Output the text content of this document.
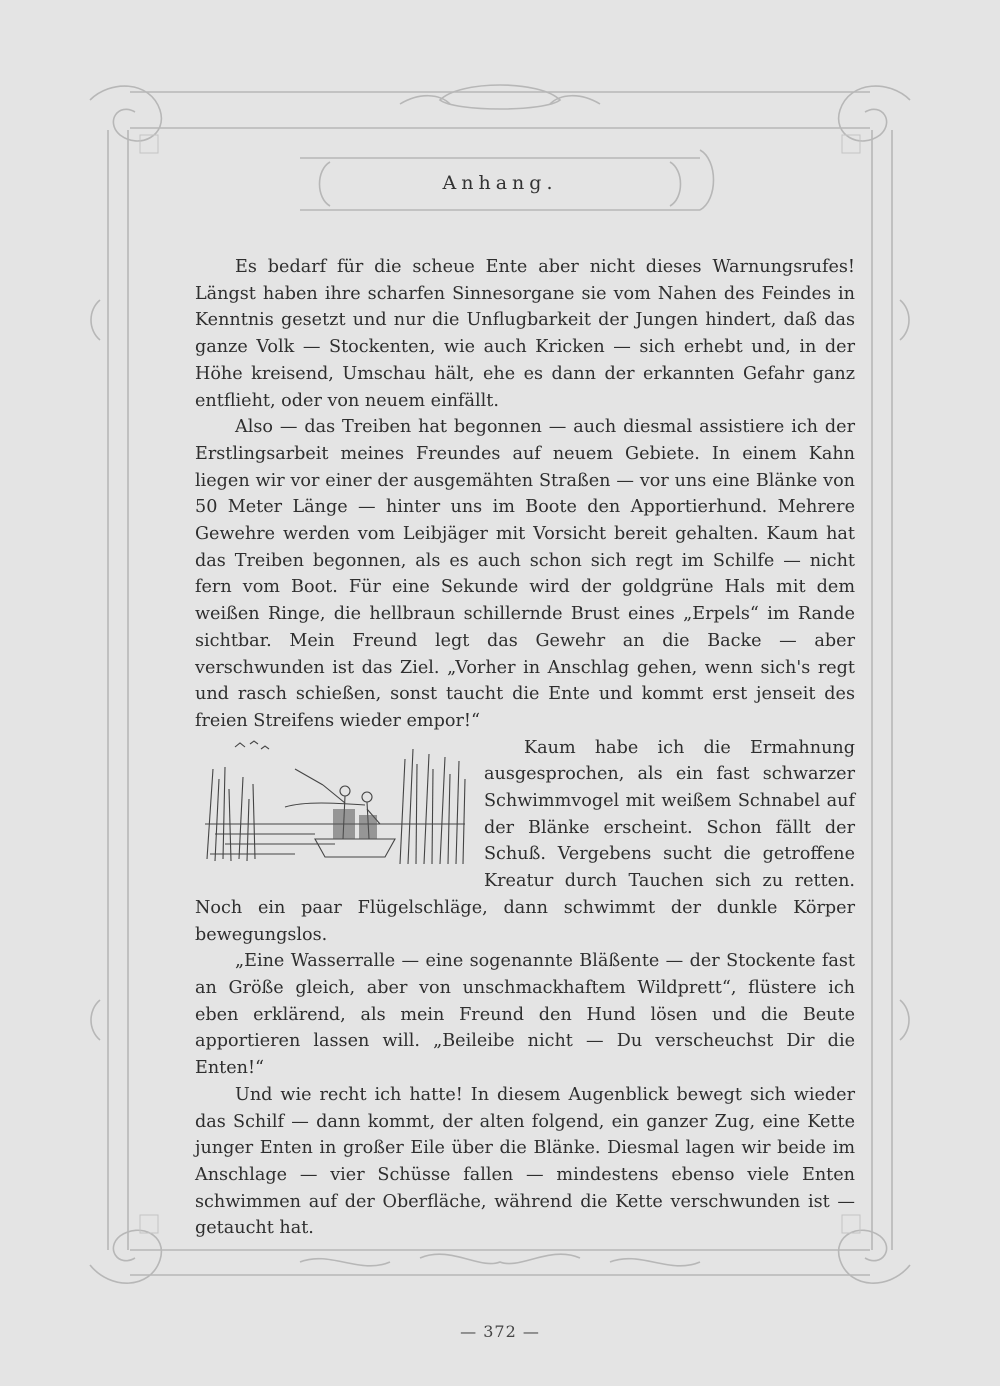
Anhang.

Es bedarf für die scheue Ente aber nicht dieses Warnungsrufes! Längst haben ihre scharfen Sinnesorgane sie vom Nahen des Feindes in Kenntnis gesetzt und nur die Unflugbarkeit der Jungen hindert, daß das ganze Volk — Stockenten, wie auch Kricken — sich erhebt und, in der Höhe kreisend, Umschau hält, ehe es dann der erkannten Gefahr ganz entflieht, oder von neuem einfällt.

Also — das Treiben hat begonnen — auch diesmal assistiere ich der Erstlingsarbeit meines Freundes auf neuem Gebiete. In einem Kahn liegen wir vor einer der ausgemähten Straßen — vor uns eine Blänke von 50 Meter Länge — hinter uns im Boote den Apportierhund. Mehrere Gewehre werden vom Leibjäger mit Vorsicht bereit gehalten. Kaum hat das Treiben begonnen, als es auch schon sich regt im Schilfe — nicht fern vom Boot. Für eine Sekunde wird der goldgrüne Hals mit dem weißen Ringe, die hellbraun schillernde Brust eines „Erpels“ im Rande sichtbar. Mein Freund legt das Gewehr an die Backe — aber verschwunden ist das Ziel. „Vorher in Anschlag gehen, wenn sich's regt und rasch schießen, sonst taucht die Ente und kommt erst jenseit des freien Streifens wieder empor!“

Kaum habe ich die Ermahnung ausgesprochen, als ein fast schwarzer Schwimmvogel mit weißem Schnabel auf der Blänke erscheint. Schon fällt der Schuß. Vergebens sucht die getroffene Kreatur durch Tauchen sich zu retten. Noch ein paar Flügelschläge, dann schwimmt der dunkle Körper bewegungslos.

„Eine Wasserralle — eine sogenannte Bläßente — der Stockente fast an Größe gleich, aber von unschmackhaftem Wildprett“, flüstere ich eben erklärend, als mein Freund den Hund lösen und die Beute apportieren lassen will. „Beileibe nicht — Du verscheuchst Dir die Enten!“

Und wie recht ich hatte! In diesem Augenblick bewegt sich wieder das Schilf — dann kommt, der alten folgend, ein ganzer Zug, eine Kette junger Enten in großer Eile über die Blänke. Diesmal lagen wir beide im Anschlage — vier Schüsse fallen — mindestens ebenso viele Enten schwimmen auf der Oberfläche, während die Kette verschwunden ist — getaucht hat.

— 372 —
